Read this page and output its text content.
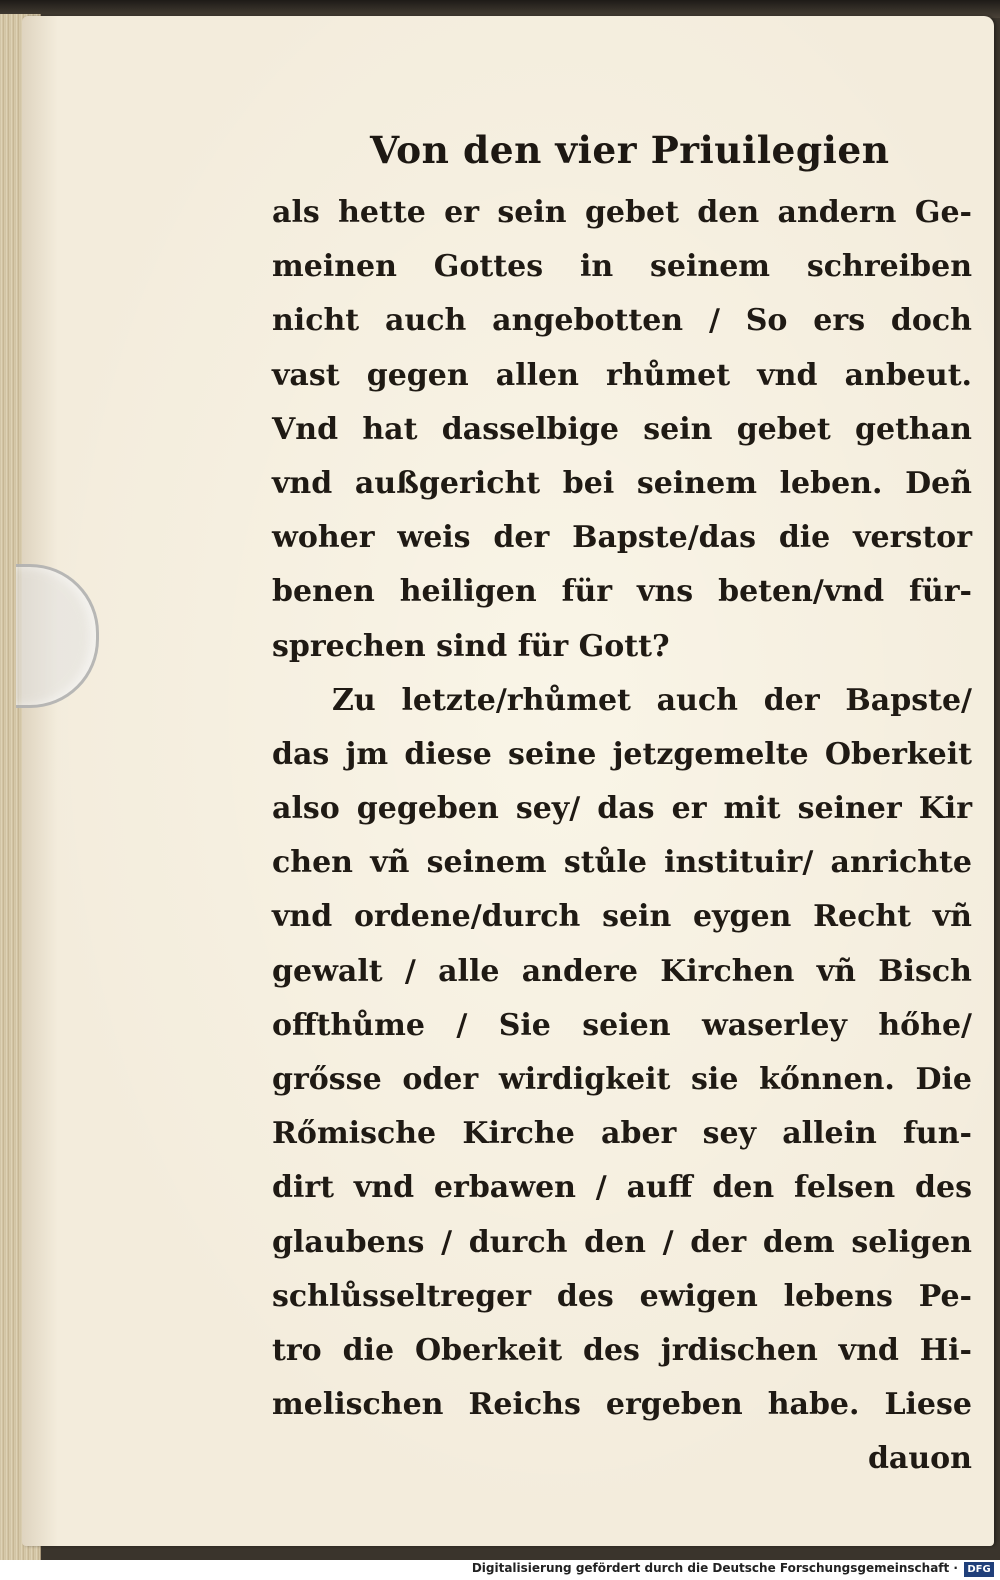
Von den vier Priuilegien
als hette er sein gebet den andern Ge-
meinen Gottes in seinem schreiben
nicht auch angebotten / So ers doch
vast gegen allen rhůmet vnd anbeut.
Vnd hat dasselbige sein gebet gethan
vnd außgericht bei seinem leben. Deñ
woher weis der Bapste/das die verstor
benen heiligen für vns beten/vnd für-
sprechen sind für Gott?
Zu letzte/rhůmet auch der Bapste/
das jm diese seine jetzgemelte Oberkeit
also gegeben sey/ das er mit seiner Kir
chen vñ seinem stůle instituir/ anrichte
vnd ordene/durch sein eygen Recht vñ
gewalt / alle andere Kirchen vñ Bisch
offthůme / Sie seien waserley hőhe/
grősse oder wirdigkeit sie kőnnen. Die
Rőmische Kirche aber sey allein fun-
dirt vnd erbawen / auff den felsen des
glaubens / durch den / der dem seligen
schlůsseltreger des ewigen lebens Pe-
tro die Oberkeit des jrdischen vnd Hi-
melischen Reichs ergeben habe. Liese
dauon
Digitalisierung gefördert durch die Deutsche Forschungsgemeinschaft · DFG
